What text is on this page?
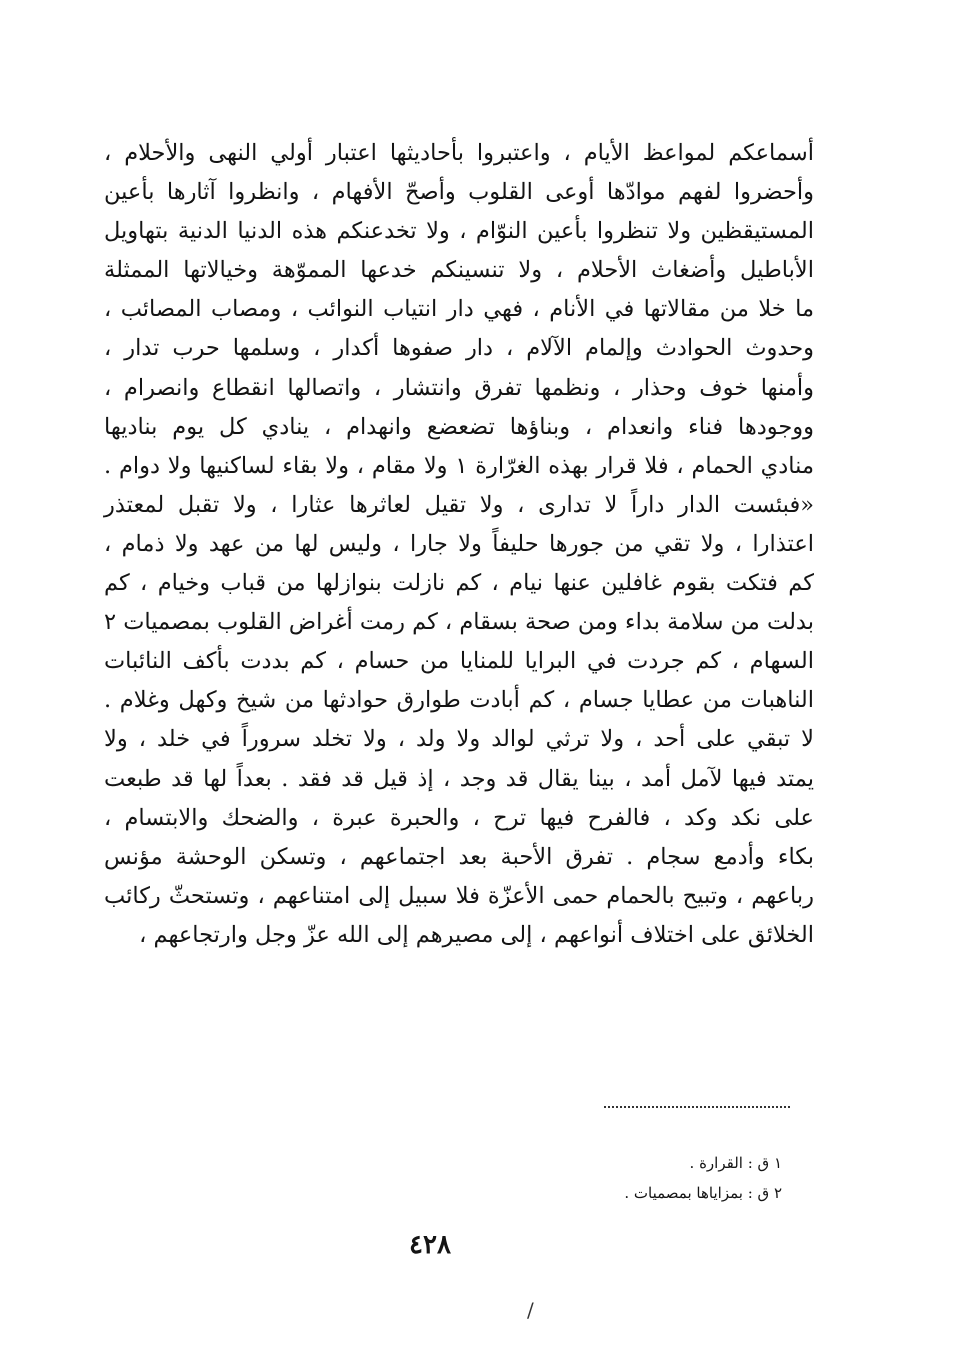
أسماعكم لمواعظ الأيام ، واعتبروا بأحاديثها اعتبار أولي النهى والأحلام ،
وأحضروا لفهم موادّها أوعى القلوب وأصحّ الأفهام ، وانظروا آثارها بأعين
المستيقظين ولا تنظروا بأعين النوّام ، ولا تخدعنكم هذه الدنيا الدنية بتهاويل
الأباطيل وأضغاث الأحلام ، ولا تنسينكم خدعها المموّهة وخيالاتها الممثلة
ما خلا من مقالاتها في الأنام ، فهي دار انتياب النوائب ، ومصاب المصائب ،
وحدوث الحوادث وإلمام الآلام ، دار صفوها أكدار ، وسلمها حرب تدار ،
وأمنها خوف وحذار ، ونظمها تفرق وانتشار ، واتصالها انقطاع وانصرام ،
ووجودها فناء وانعدام ، وبناؤها تضعضع وانهدام ، ينادي كل يوم بناديها
منادي الحمام ، فلا قرار بهذه الغرّارة ١ ولا مقام ، ولا بقاء لساكنيها ولا دوام .
«فبئست الدار داراً لا تدارى ، ولا تقيل لعاثرها عثارا ، ولا تقبل لمعتذر
اعتذارا ، ولا تقي من جورها حليفاً ولا جارا ، وليس لها من عهد ولا ذمام ،
كم فتكت بقوم غافلين عنها نيام ، كم نازلت بنوازلها من قباب وخيام ، كم
بدلت من سلامة بداء ومن صحة بسقام ، كم رمت أغراض القلوب بمصميات ٢
السهام ، كم جردت في البرايا للمنايا من حسام ، كم بددت بأكف النائبات
الناهبات من عطايا جسام ، كم أبادت طوارق حوادثها من شيخ وكهل وغلام .
لا تبقي على أحد ، ولا ترثي لوالد ولا ولد ، ولا تخلد سروراً في خلد ، ولا
يمتد فيها لآمل أمد ، بينا يقال قد وجد ، إذ قيل قد فقد . بعداً لها قد طبعت
على نكد وكد ، فالفرح فيها ترح ، والحبرة عبرة ، والضحك والابتسام ،
بكاء وأدمع سجام . تفرق الأحبة بعد اجتماعهم ، وتسكن الوحشة مؤنس
رباعهم ، وتبيح بالحمام حمى الأعزّة فلا سبيل إلى امتناعهم ، وتستحثّ ركائب
الخلائق على اختلاف أنواعهم ، إلى مصيرهم إلى الله عزّ وجل وارتجاعهم ،
١ ق : القرارة .
٢ ق : بمزاياها بمصميات .
٤٢٨
/
